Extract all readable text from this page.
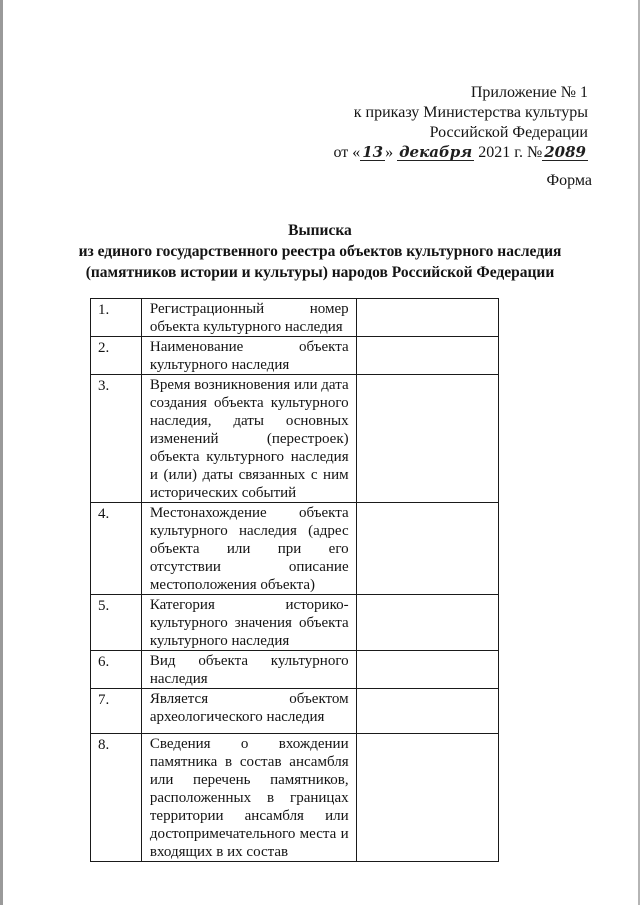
Приложение № 1
к приказу Министерства культуры
Российской Федерации
от « 13 » декабря 2021 г. № 2089
Форма
Выписка
из единого государственного реестра объектов культурного наследия
(памятников истории и культуры) народов Российской Федерации
1.	Регистрационный номер объекта культурного наследия	

2.	Наименование объекта культурного наследия	

3.	Время возникновения или дата создания объекта культурного наследия, даты основных изменений (перестроек) объекта культурного наследия и (или) даты связанных с ним исторических событий	

4.	Местонахождение объекта культурного наследия (адрес объекта или при его отсутствии описание местоположения объекта)	

5.	Категория историко-культурного значения объекта культурного наследия	

6.	Вид объекта культурного наследия	

7.	Является объектом археологического наследия	

8.	Сведения о вхождении памятника в состав ансамбля или перечень памятников, расположенных в границах территории ансамбля или достопримечательного места и входящих в их состав	
